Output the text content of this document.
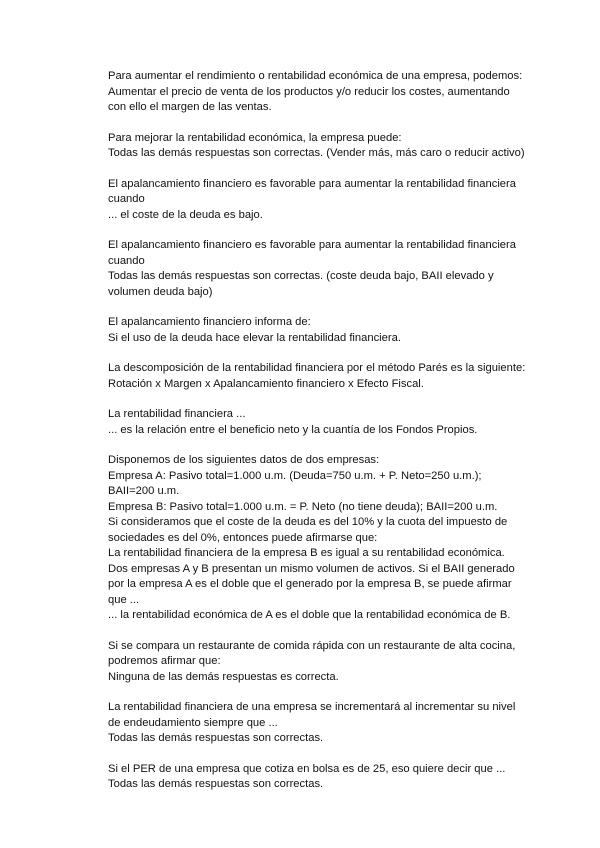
Para aumentar el rendimiento o rentabilidad económica de una empresa, podemos:
Aumentar el precio de venta de los productos y/o reducir los costes, aumentando
con ello el margen de las ventas.
Para mejorar la rentabilidad económica, la empresa puede:
Todas las demás respuestas son correctas. (Vender más, más caro o reducir activo)
El apalancamiento financiero es favorable para aumentar la rentabilidad financiera
cuando
... el coste de la deuda es bajo.
El apalancamiento financiero es favorable para aumentar la rentabilidad financiera
cuando
Todas las demás respuestas son correctas. (coste deuda bajo, BAII elevado y
volumen deuda bajo)
El apalancamiento financiero informa de:
Si el uso de la deuda hace elevar la rentabilidad financiera.
La descomposición de la rentabilidad financiera por el método Parés es la siguiente:
Rotación x Margen x Apalancamiento financiero x Efecto Fiscal.
La rentabilidad financiera ...
... es la relación entre el beneficio neto y la cuantía de los Fondos Propios.
Disponemos de los siguientes datos de dos empresas:
Empresa A: Pasivo total=1.000 u.m. (Deuda=750 u.m. + P. Neto=250 u.m.);
BAII=200 u.m.
Empresa B: Pasivo total=1.000 u.m. = P. Neto (no tiene deuda); BAII=200 u.m.
Si consideramos que el coste de la deuda es del 10% y la cuota del impuesto de
sociedades es del 0%, entonces puede afirmarse que:
La rentabilidad financiera de la empresa B es igual a su rentabilidad económica.
Dos empresas A y B presentan un mismo volumen de activos. Si el BAII generado
por la empresa A es el doble que el generado por la empresa B, se puede afirmar
que ...
... la rentabilidad económica de A es el doble que la rentabilidad económica de B.
Si se compara un restaurante de comida rápida con un restaurante de alta cocina,
podremos afirmar que:
Ninguna de las demás respuestas es correcta.
La rentabilidad financiera de una empresa se incrementará al incrementar su nivel
de endeudamiento siempre que ...
Todas las demás respuestas son correctas.
Si el PER de una empresa que cotiza en bolsa es de 25, eso quiere decir que ...
Todas las demás respuestas son correctas.
